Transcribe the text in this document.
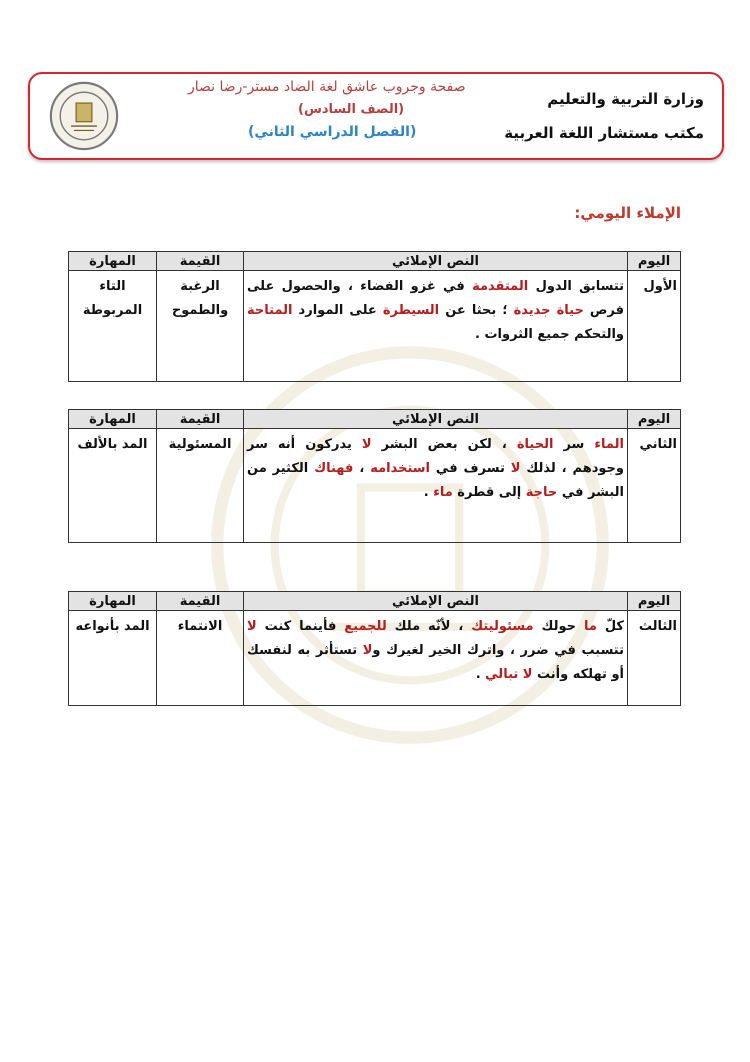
وزارة التربية والتعليم
مكتب مستشار اللغة العربية
صفحة وجروب عاشق لغة الضاد مستر-رضا نصار
(الصف السادس)
(الفصل الدراسي الثاني)
الإملاء اليومي:
اليوم	النص الإملائي	القيمة	المهارة
الأول	تتسابق الدول المتقدمة في غزو الفضاء ، والحصول على فرص حياة جديدة ؛ بحثا عن السيطرة على الموارد المتاحة والتحكم جميع الثروات .	الرغبة والطموح	التاء المربوطة
اليوم	النص الإملائي	القيمة	المهارة
الثاني	الماء سر الحياة ، لكن بعض البشر لا يدركون أنه سر وجودهم ، لذلك لا تسرف في استخدامه ، فهناك الكثير من البشر في حاجة إلى قطرة ماء .	المسئولية	المد بالألف
اليوم	النص الإملائي	القيمة	المهارة
الثالث	كلّ ما حولك مسئوليتك ، لأنّه ملك للجميع فأينما كنت لا تتسبب في ضرر ، واترك الخير لغيرك ولا تستأثر به لنفسك أو تهلكه وأنت لا تبالي .	الانتماء	المد بأنواعه
